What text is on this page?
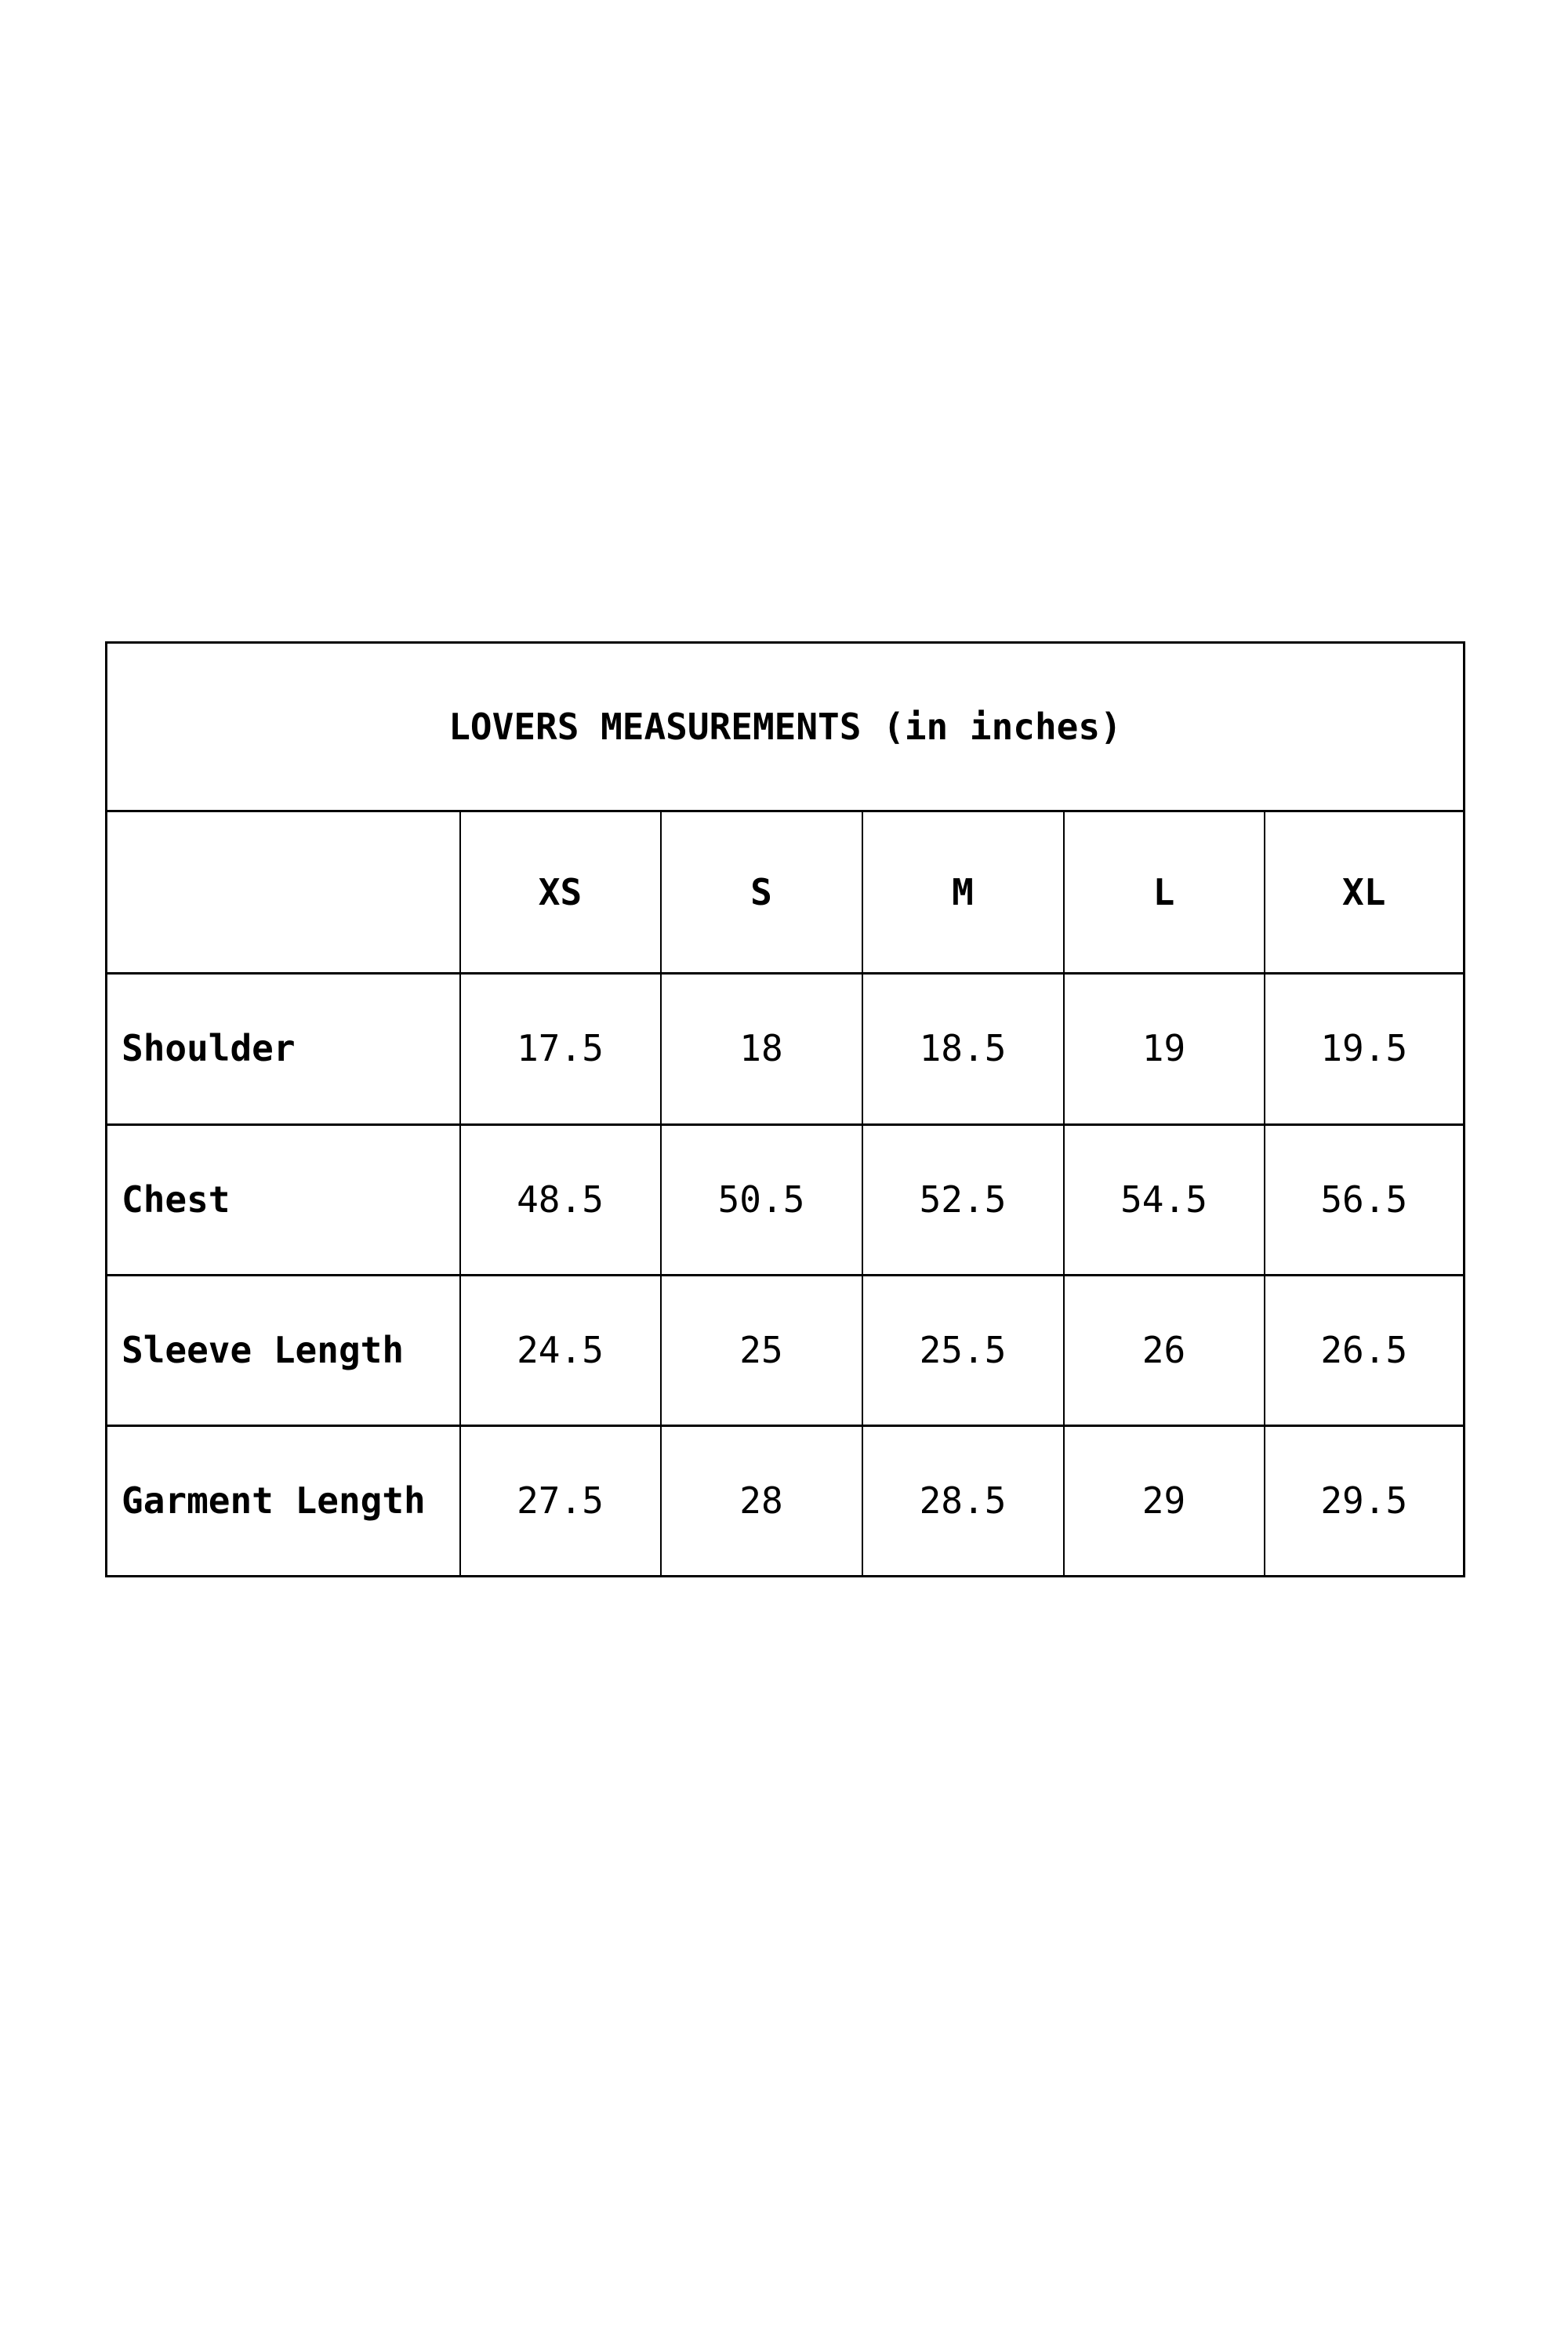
LOVERS MEASUREMENTS (in inches)					
	XS	S	M	L	XL
Shoulder	17.5	18	18.5	19	19.5
Chest	48.5	50.5	52.5	54.5	56.5
Sleeve Length	24.5	25	25.5	26	26.5
Garment Length	27.5	28	28.5	29	29.5
